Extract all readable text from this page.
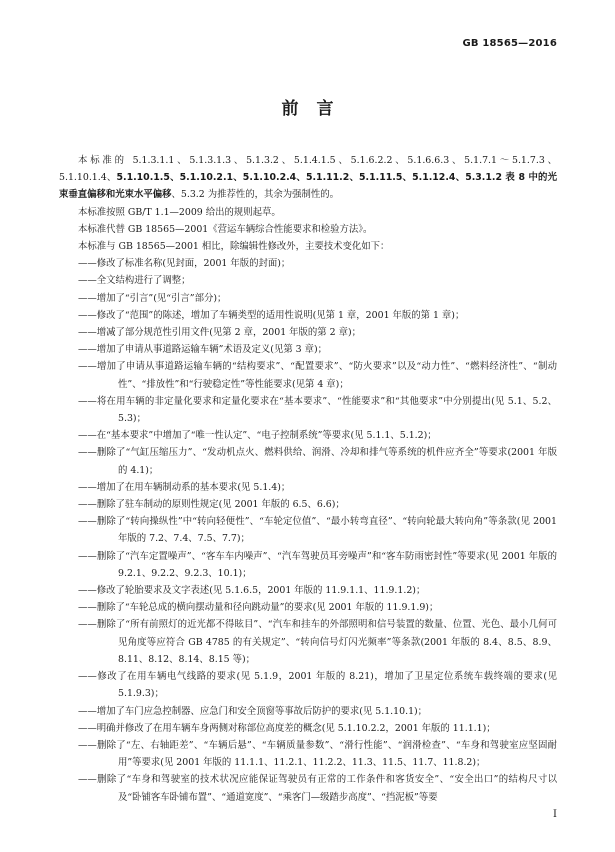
GB 18565—2016
前言

本标准的 5.1.3.1.1、5.1.3.1.3、5.1.3.2、5.1.4.1.5、5.1.6.2.2、5.1.6.6.3、5.1.7.1～5.1.7.3、5.1.10.1.4、5.1.10.1.5、5.1.10.2.1、5.1.10.2.4、5.1.11.2、5.1.11.5、5.1.12.4、5.3.1.2 表 8 中的光束垂直偏移和光束水平偏移、5.3.2 为推荐性的，其余为强制性的。

本标准按照 GB/T 1.1—2009 给出的规则起草。

本标准代替 GB 18565—2001《营运车辆综合性能要求和检验方法》。

本标准与 GB 18565—2001 相比，除编辑性修改外，主要技术变化如下：

——修改了标准名称(见封面，2001 年版的封面)；

——全文结构进行了调整；

——增加了“引言”(见“引言”部分)；

——修改了“范围”的陈述，增加了车辆类型的适用性说明(见第 1 章，2001 年版的第 1 章)；

——增减了部分规范性引用文件(见第 2 章，2001 年版的第 2 章)；

——增加了申请从事道路运输车辆”术语及定义(见第 3 章)；

——增加了申请从事道路运输车辆的“结构要求”、“配置要求”、“防火要求”以及“动力性”、“燃料经济性”、“制动性”、“排放性”和“行驶稳定性”等性能要求(见第 4 章)；

——将在用车辆的非定量化要求和定量化要求在“基本要求”、“性能要求”和“其他要求”中分别提出(见 5.1、5.2、5.3)；

——在“基本要求”中增加了“唯一性认定”、“电子控制系统”等要求(见 5.1.1、5.1.2)；

——删除了“气缸压缩压力”、“发动机点火、燃料供给、润滑、冷却和排气等系统的机件应齐全”等要求(2001 年版的 4.1)；

——增加了在用车辆制动系的基本要求(见 5.1.4)；

——删除了驻车制动的原则性规定(见 2001 年版的 6.5、6.6)；

——删除了“转向操纵性”中“转向轻便性”、“车轮定位值”、“最小转弯直径”、“转向轮最大转向角”等条款(见 2001 年版的 7.2、7.4、7.5、7.7)；

——删除了“汽车定置噪声”、“客车车内噪声”、“汽车驾驶员耳旁噪声”和“客车防雨密封性”等要求(见 2001 年版的 9.2.1、9.2.2、9.2.3、10.1)；

——修改了轮胎要求及文字表述(见 5.1.6.5，2001 年版的 11.9.1.1、11.9.1.2)；

——删除了“车轮总成的横向摆动量和径向跳动量”的要求(见 2001 年版的 11.9.1.9)；

——删除了“所有前照灯的近光都不得眩目”、“汽车和挂车的外部照明和信号装置的数量、位置、光色、最小几何可见角度等应符合 GB 4785 的有关规定”、“转向信号灯闪光频率”等条款(2001 年版的 8.4、8.5、8.9、8.11、8.12、8.14、8.15 等)；

——修改了在用车辆电气线路的要求(见 5.1.9，2001 年版的 8.21)，增加了卫星定位系统车载终端的要求(见 5.1.9.3)；

——增加了车门应急控制器、应急门和安全顶窗等事故后防护的要求(见 5.1.10.1)；

——明确并修改了在用车辆车身两侧对称部位高度差的概念(见 5.1.10.2.2，2001 年版的 11.1.1)；

——删除了“左、右轴距差”、“车辆后悬”、“车辆质量参数”、“滑行性能”、“润滑检查”、“车身和驾驶室应坚固耐用”等要求(见 2001 年版的 11.1.1、11.2.1、11.2.2、11.3、11.5、11.7、11.8.2)；

——删除了“车身和驾驶室的技术状况应能保证驾驶员有正常的工作条件和客货安全”、“安全出口”的结构尺寸以及“卧铺客车卧铺布置”、“通道宽度”、“乘客门—级踏步高度”、“挡泥板”等要

I
